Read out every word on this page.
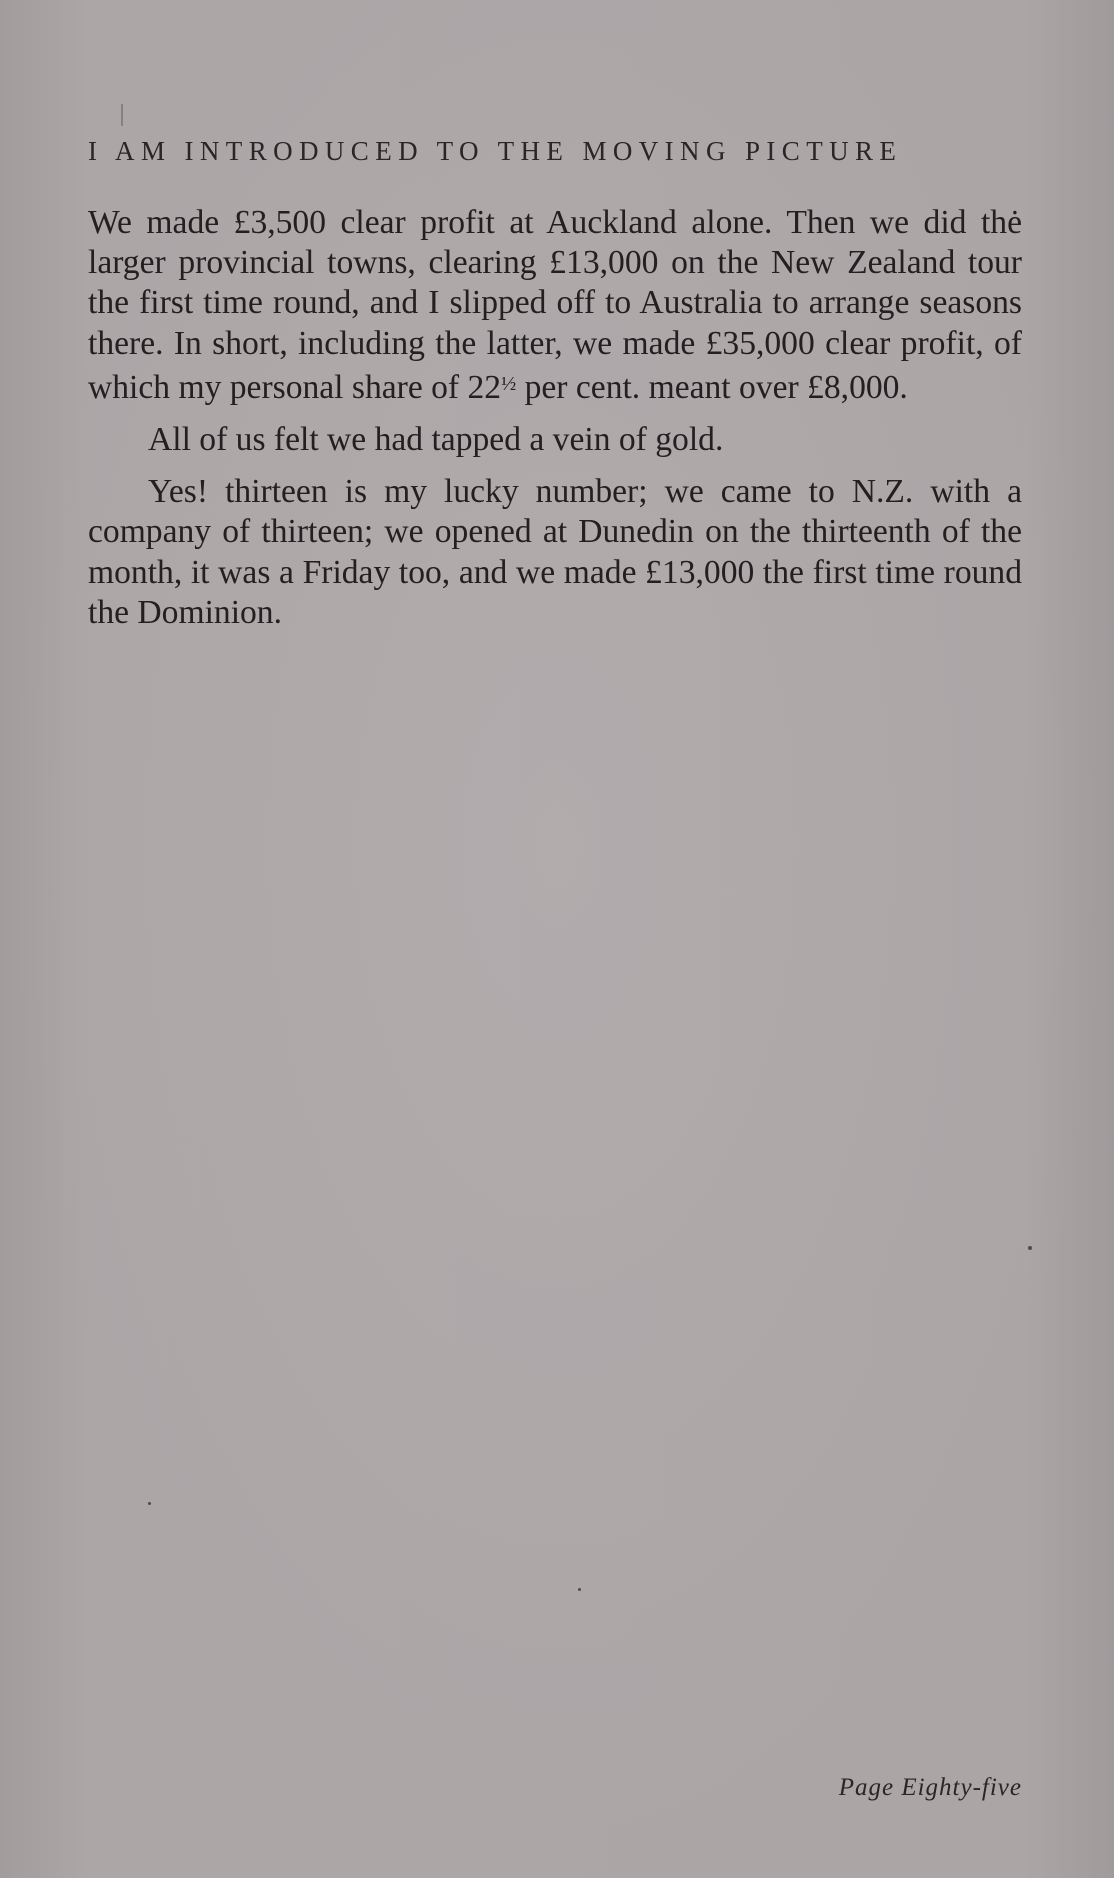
I AM INTRODUCED TO THE MOVING PICTURE

We made £3,500 clear profit at Auckland alone. Then we did thė larger provincial towns, clearing £13,000 on the New Zealand tour the first time round, and I slipped off to Australia to arrange seasons there. In short, including the latter, we made £35,000 clear profit, of which my personal share of $22^{\frac{1}{2}}$ per cent. meant over £8,000.

All of us felt we had tapped a vein of gold.

Yes! thirteen is my lucky number; we came to N.Z. with a company of thirteen; we opened at Dunedin on the thirteenth of the month, it was a Friday too, and we made £13,000 the first time round the Dominion.

Page Eighty-five
